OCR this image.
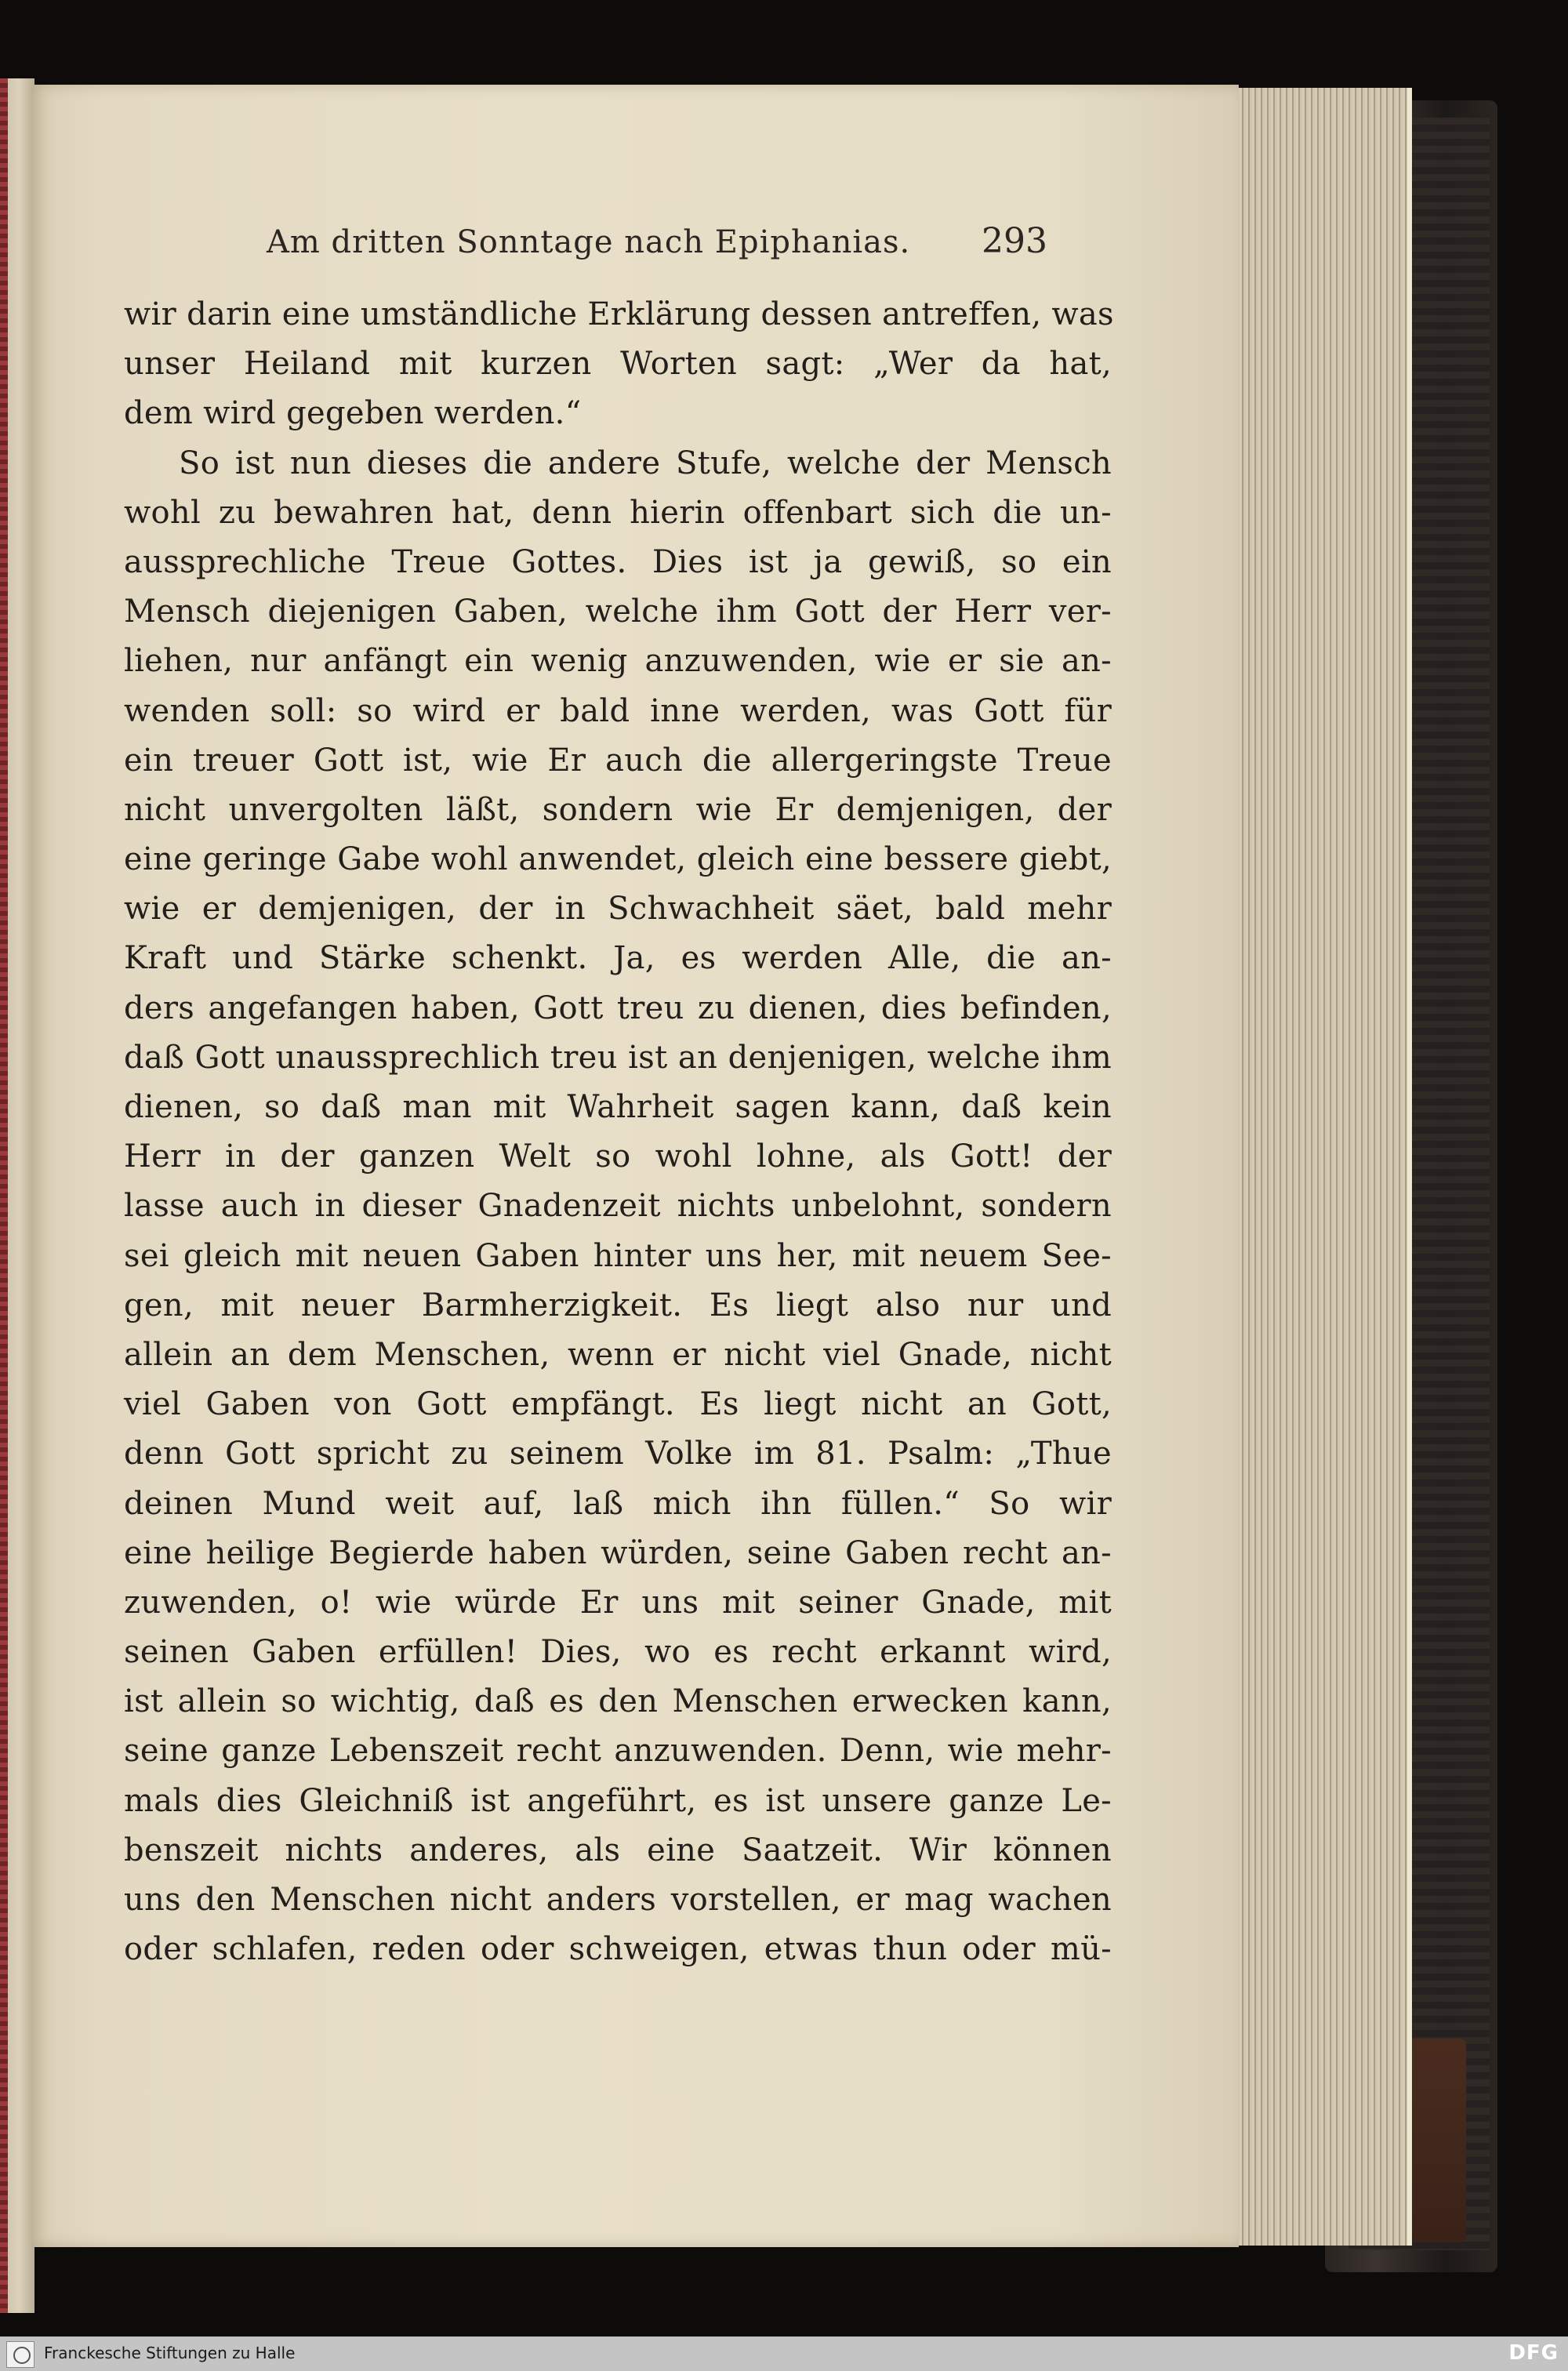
Am dritten Sonntage nach Epiphanias.	293
wir darin eine umständliche Erklärung dessen antreffen, was
unser Heiland mit kurzen Worten sagt: „Wer da hat,
dem wird gegeben werden.“
So ist nun dieses die andere Stufe, welche der Mensch
wohl zu bewahren hat, denn hierin offenbart sich die un-
aussprechliche Treue Gottes. Dies ist ja gewiß, so ein
Mensch diejenigen Gaben, welche ihm Gott der Herr ver-
liehen, nur anfängt ein wenig anzuwenden, wie er sie an-
wenden soll: so wird er bald inne werden, was Gott für
ein treuer Gott ist, wie Er auch die allergeringste Treue
nicht unvergolten läßt, sondern wie Er demjenigen, der
eine geringe Gabe wohl anwendet, gleich eine bessere giebt,
wie er demjenigen, der in Schwachheit säet, bald mehr
Kraft und Stärke schenkt. Ja, es werden Alle, die an-
ders angefangen haben, Gott treu zu dienen, dies befinden,
daß Gott unaussprechlich treu ist an denjenigen, welche ihm
dienen, so daß man mit Wahrheit sagen kann, daß kein
Herr in der ganzen Welt so wohl lohne, als Gott! der
lasse auch in dieser Gnadenzeit nichts unbelohnt, sondern
sei gleich mit neuen Gaben hinter uns her, mit neuem See-
gen, mit neuer Barmherzigkeit. Es liegt also nur und
allein an dem Menschen, wenn er nicht viel Gnade, nicht
viel Gaben von Gott empfängt. Es liegt nicht an Gott,
denn Gott spricht zu seinem Volke im 81. Psalm: „Thue
deinen Mund weit auf, laß mich ihn füllen.“ So wir
eine heilige Begierde haben würden, seine Gaben recht an-
zuwenden, o! wie würde Er uns mit seiner Gnade, mit
seinen Gaben erfüllen! Dies, wo es recht erkannt wird,
ist allein so wichtig, daß es den Menschen erwecken kann,
seine ganze Lebenszeit recht anzuwenden. Denn, wie mehr-
mals dies Gleichniß ist angeführt, es ist unsere ganze Le-
benszeit nichts anderes, als eine Saatzeit. Wir können
uns den Menschen nicht anders vorstellen, er mag wachen
oder schlafen, reden oder schweigen, etwas thun oder mü-
Franckesche Stiftungen zu Halle	DFG
